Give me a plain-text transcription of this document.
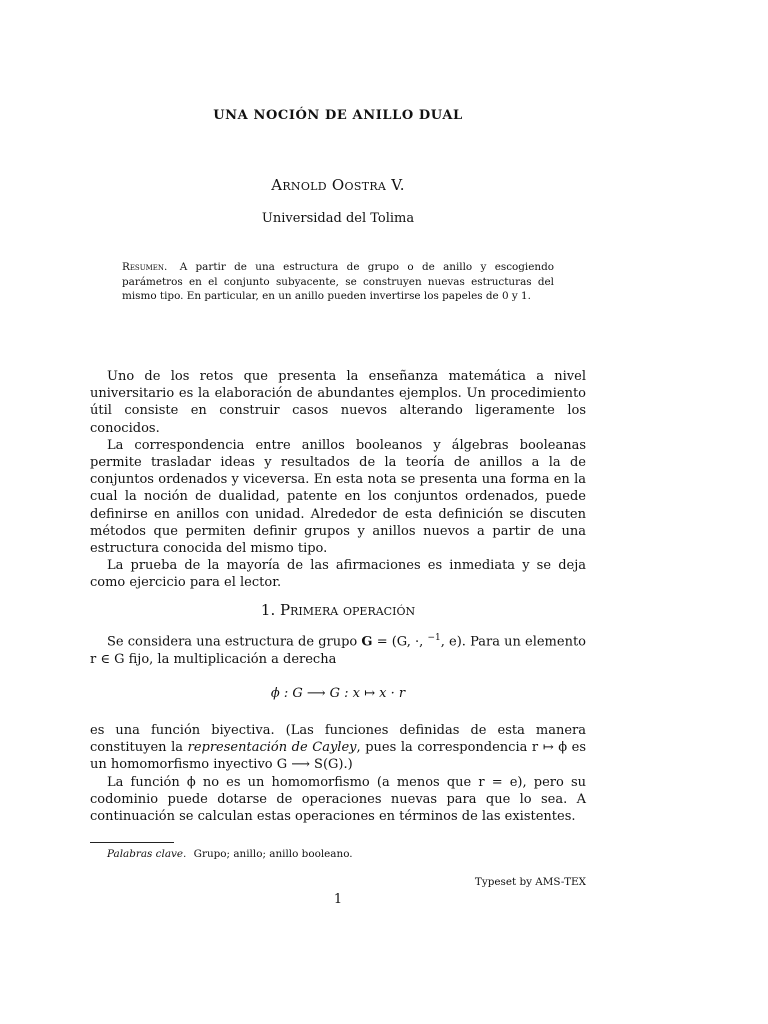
UNA NOCIÓN DE ANILLO DUAL
Arnold Oostra V.
Universidad del Tolima
Resumen. A partir de una estructura de grupo o de anillo y escogiendo parámetros en el conjunto subyacente, se construyen nuevas estructuras del mismo tipo. En particular, en un anillo pueden invertirse los papeles de 0 y 1.

Uno de los retos que presenta la enseñanza matemática a nivel universitario es la elaboración de abundantes ejemplos. Un procedimiento útil consiste en construir casos nuevos alterando ligeramente los conocidos.

La correspondencia entre anillos booleanos y álgebras booleanas permite trasladar ideas y resultados de la teoría de anillos a la de conjuntos ordenados y viceversa. En esta nota se presenta una forma en la cual la noción de dualidad, patente en los conjuntos ordenados, puede definirse en anillos con unidad. Alrededor de esta definición se discuten métodos que permiten definir grupos y anillos nuevos a partir de una estructura conocida del mismo tipo.

La prueba de la mayoría de las afirmaciones es inmediata y se deja como ejercicio para el lector.

1. Primera operación

Se considera una estructura de grupo G = (G, ·, $^{-1}$, e). Para un elemento r ∈ G fijo, la multiplicación a derecha

ϕ : G ⟶ G : x ↦ x · r

es una función biyectiva. (Las funciones definidas de esta manera constituyen la representación de Cayley, pues la correspondencia r ↦ ϕ es un homomorfismo inyectivo G ⟶ S(G).)

La función ϕ no es un homomorfismo (a menos que r = e), pero su codominio puede dotarse de operaciones nuevas para que lo sea. A continuación se calculan estas operaciones en términos de las existentes.

Palabras clave. Grupo; anillo; anillo booleano.
Typeset by AMS-TEX
1
